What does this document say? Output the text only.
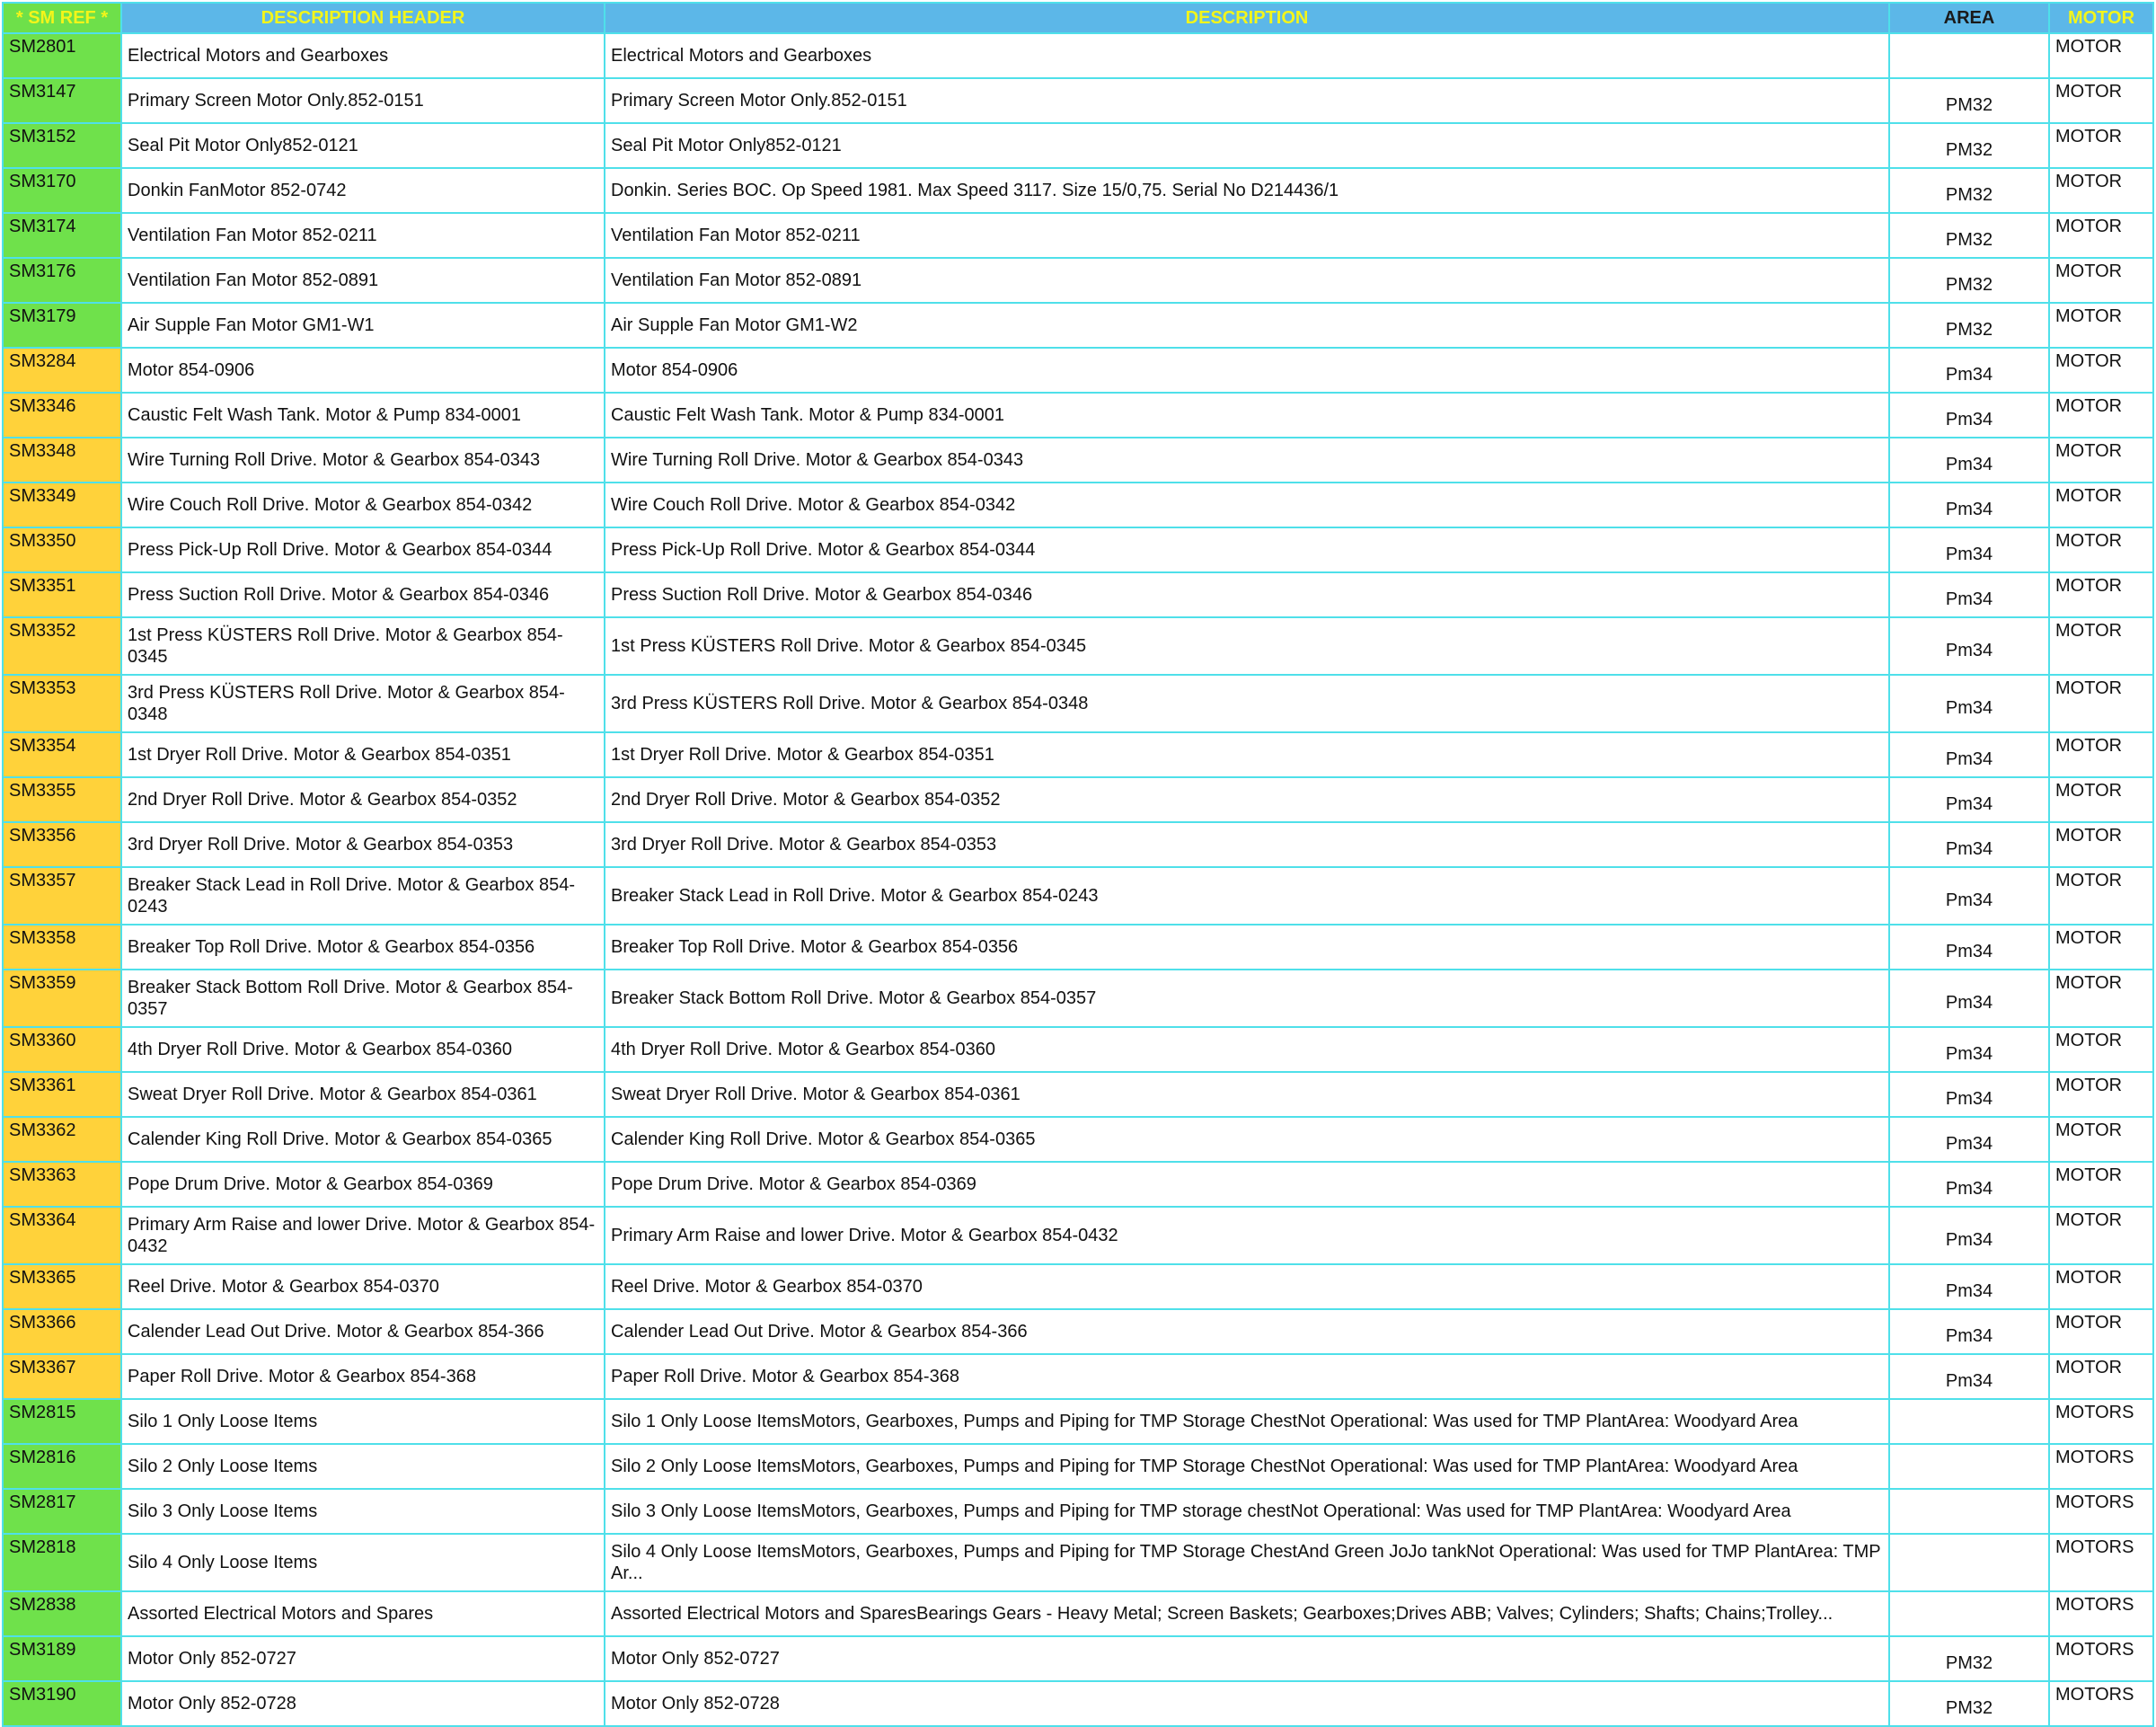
* SM REF *	DESCRIPTION HEADER	DESCRIPTION	AREA	MOTOR
SM2801	Electrical Motors and Gearboxes	Electrical Motors and Gearboxes		MOTOR
SM3147	Primary Screen Motor Only.852-0151	Primary Screen Motor Only.852-0151	PM32	MOTOR
SM3152	Seal Pit Motor Only852-0121	Seal Pit Motor Only852-0121	PM32	MOTOR
SM3170	Donkin FanMotor 852-0742	Donkin. Series BOC. Op Speed 1981. Max Speed 3117. Size 15/0,75. Serial No D214436/1	PM32	MOTOR
SM3174	Ventilation Fan Motor 852-0211	Ventilation Fan Motor 852-0211	PM32	MOTOR
SM3176	Ventilation Fan Motor 852-0891	Ventilation Fan Motor 852-0891	PM32	MOTOR
SM3179	Air Supple Fan Motor GM1-W1	Air Supple Fan Motor GM1-W2	PM32	MOTOR
SM3284	Motor 854-0906	Motor 854-0906	Pm34	MOTOR
SM3346	Caustic Felt Wash Tank. Motor & Pump 834-0001	Caustic Felt Wash Tank. Motor & Pump 834-0001	Pm34	MOTOR
SM3348	Wire Turning Roll Drive. Motor & Gearbox 854-0343	Wire Turning Roll Drive. Motor & Gearbox 854-0343	Pm34	MOTOR
SM3349	Wire Couch Roll Drive. Motor & Gearbox 854-0342	Wire Couch Roll Drive. Motor & Gearbox 854-0342	Pm34	MOTOR
SM3350	Press Pick-Up Roll Drive. Motor & Gearbox 854-0344	Press Pick-Up Roll Drive. Motor & Gearbox 854-0344	Pm34	MOTOR
SM3351	Press Suction Roll Drive. Motor & Gearbox 854-0346	Press Suction Roll Drive. Motor & Gearbox 854-0346	Pm34	MOTOR
SM3352	1st Press KÜSTERS Roll Drive. Motor & Gearbox 854-0345	1st Press KÜSTERS Roll Drive. Motor & Gearbox 854-0345	Pm34	MOTOR
SM3353	3rd Press KÜSTERS Roll Drive. Motor & Gearbox 854-0348	3rd Press KÜSTERS Roll Drive. Motor & Gearbox 854-0348	Pm34	MOTOR
SM3354	1st Dryer Roll Drive. Motor & Gearbox 854-0351	1st Dryer Roll Drive. Motor & Gearbox 854-0351	Pm34	MOTOR
SM3355	2nd Dryer Roll Drive. Motor & Gearbox 854-0352	2nd Dryer Roll Drive. Motor & Gearbox 854-0352	Pm34	MOTOR
SM3356	3rd Dryer Roll Drive. Motor & Gearbox 854-0353	3rd Dryer Roll Drive. Motor & Gearbox 854-0353	Pm34	MOTOR
SM3357	Breaker Stack Lead in Roll Drive. Motor & Gearbox 854-0243	Breaker Stack Lead in Roll Drive. Motor & Gearbox 854-0243	Pm34	MOTOR
SM3358	Breaker Top Roll Drive. Motor & Gearbox 854-0356	Breaker Top Roll Drive. Motor & Gearbox 854-0356	Pm34	MOTOR
SM3359	Breaker Stack Bottom Roll Drive. Motor & Gearbox 854-0357	Breaker Stack Bottom Roll Drive. Motor & Gearbox 854-0357	Pm34	MOTOR
SM3360	4th Dryer Roll Drive. Motor & Gearbox 854-0360	4th Dryer Roll Drive. Motor & Gearbox 854-0360	Pm34	MOTOR
SM3361	Sweat Dryer Roll Drive. Motor & Gearbox 854-0361	Sweat Dryer Roll Drive. Motor & Gearbox 854-0361	Pm34	MOTOR
SM3362	Calender King Roll Drive. Motor & Gearbox 854-0365	Calender King Roll Drive. Motor & Gearbox 854-0365	Pm34	MOTOR
SM3363	Pope Drum Drive. Motor & Gearbox 854-0369	Pope Drum Drive. Motor & Gearbox 854-0369	Pm34	MOTOR
SM3364	Primary Arm Raise and lower Drive. Motor & Gearbox 854-0432	Primary Arm Raise and lower Drive. Motor & Gearbox 854-0432	Pm34	MOTOR
SM3365	Reel Drive. Motor & Gearbox 854-0370	Reel Drive. Motor & Gearbox 854-0370	Pm34	MOTOR
SM3366	Calender Lead Out Drive. Motor & Gearbox 854-366	Calender Lead Out Drive. Motor & Gearbox 854-366	Pm34	MOTOR
SM3367	Paper Roll Drive. Motor & Gearbox 854-368	Paper Roll Drive. Motor & Gearbox 854-368	Pm34	MOTOR
SM2815	Silo 1 Only Loose Items	Silo 1 Only Loose ItemsMotors, Gearboxes, Pumps and Piping for TMP Storage ChestNot Operational: Was used for TMP PlantArea: Woodyard Area		MOTORS
SM2816	Silo 2 Only Loose Items	Silo 2 Only Loose ItemsMotors, Gearboxes, Pumps and Piping for TMP Storage ChestNot Operational: Was used for TMP PlantArea: Woodyard Area		MOTORS
SM2817	Silo 3 Only Loose Items	Silo 3 Only Loose ItemsMotors, Gearboxes, Pumps and Piping for TMP storage chestNot Operational: Was used for TMP PlantArea: Woodyard Area		MOTORS
SM2818	Silo 4 Only Loose Items	Silo 4 Only Loose ItemsMotors, Gearboxes, Pumps and Piping for TMP Storage ChestAnd Green JoJo tankNot Operational: Was used for TMP PlantArea: TMP Ar...		MOTORS
SM2838	Assorted Electrical Motors and Spares	Assorted Electrical Motors and SparesBearings Gears - Heavy Metal; Screen Baskets; Gearboxes;Drives ABB; Valves; Cylinders; Shafts; Chains;Trolley...		MOTORS
SM3189	Motor Only 852-0727	Motor Only 852-0727	PM32	MOTORS
SM3190	Motor Only 852-0728	Motor Only 852-0728	PM32	MOTORS
